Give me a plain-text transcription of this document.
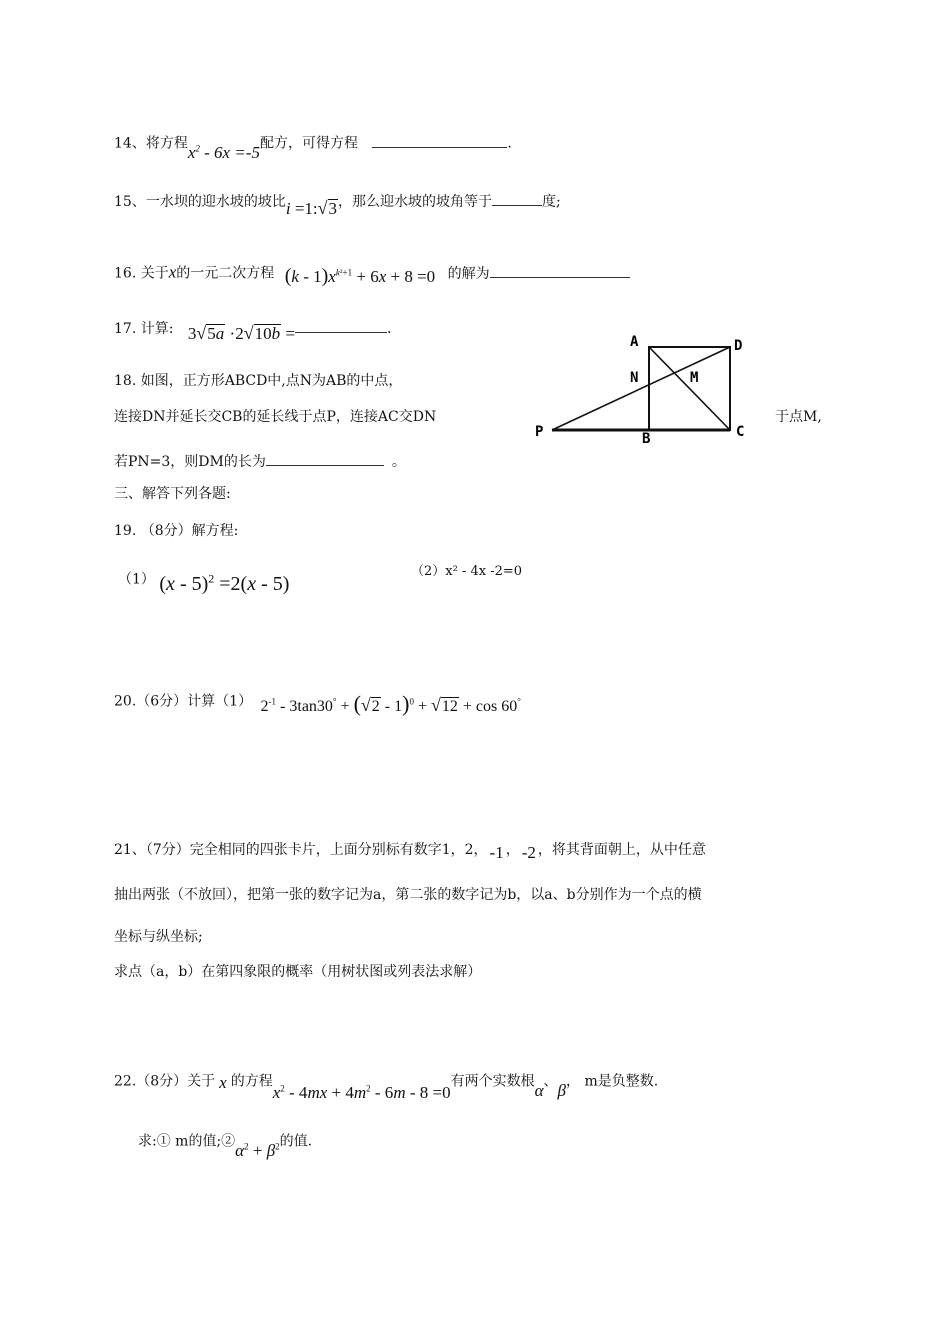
14、将方程$x^2 - 6x =-5$配方，可得方程	.
15、一水坝的迎水坡的坡比i =1:√3，那么迎水坡的坡角等于	度;
16. 关于x的一元二次方程 $(k - 1)x^{k^2+1} + 6x + 8 =0$ 的解为
17. 计算: 3√5a ·2√10b =	.
18. 如图，正方形ABCD中,点N为AB的中点，
连接DN并延长交CB的延长线于点P，连接AC交DN	于点M,
若PN=3，则DM的长为	。
A	D
N	M
P	B	C
三、解答下列各题:
19. （8分）解方程:
（1） (x - 5)$^2$ =2(x - 5)
（2）x² - 4x -2=0
20.（6分）计算（1） $2^{-1} - 3\tan 30^\circ + (√2 - 1)^0 + √12 + \cos 60^\circ$
21、（7分）完全相同的四张卡片，上面分别标有数字1，2， -1 ， -2 ，将其背面朝上，从中任意
抽出两张（不放回），把第一张的数字记为a，第二张的数字记为b，以a、b分别作为一个点的横
坐标与纵坐标;
求点（a，b）在第四象限的概率（用树状图或列表法求解）
22.（8分）关于 x 的方程$x^2 - 4mx + 4m^2 - 6m - 8 =0$有两个实数根α、β， m是负整数.
求:① m的值$;②\alpha^2 + \beta^2$的值.
